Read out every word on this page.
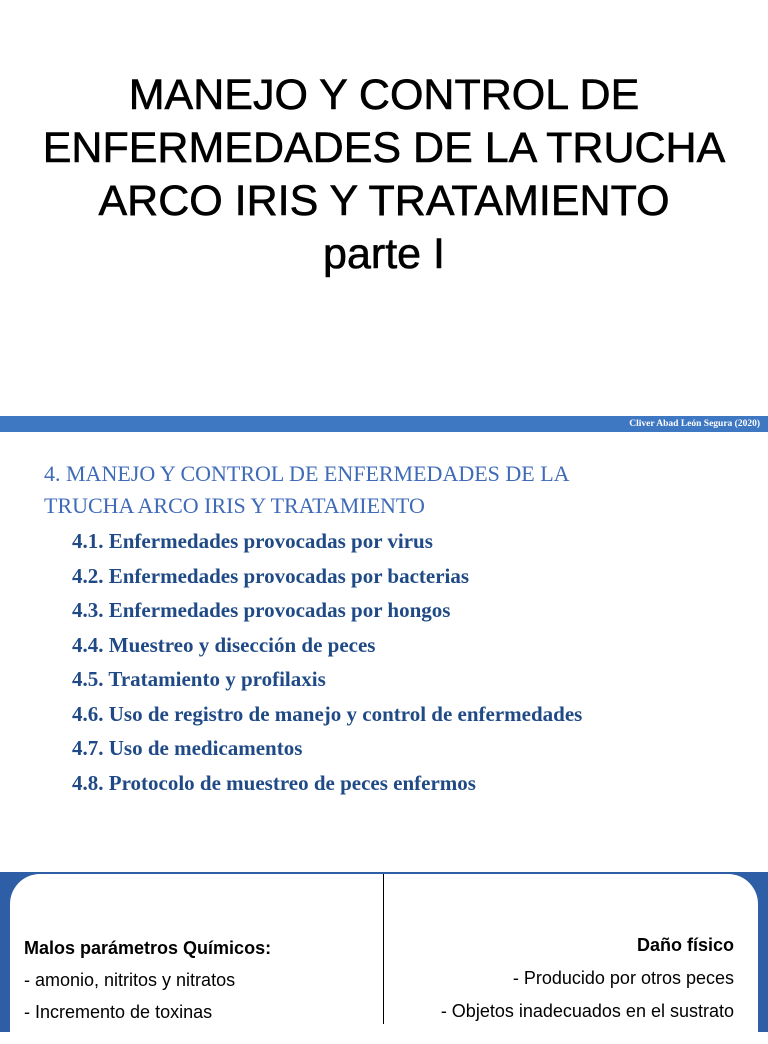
MANEJO Y CONTROL DE
ENFERMEDADES DE LA TRUCHA
ARCO IRIS Y TRATAMIENTO
parte I
Cliver Abad León Segura (2020)
4. MANEJO Y CONTROL DE ENFERMEDADES DE LA
TRUCHA ARCO IRIS Y TRATAMIENTO
4.1. Enfermedades provocadas por virus
4.2. Enfermedades provocadas por bacterias
4.3. Enfermedades provocadas por hongos
4.4. Muestreo y disección de peces
4.5. Tratamiento y profilaxis
4.6. Uso de registro de manejo y control de enfermedades
4.7. Uso de medicamentos
4.8. Protocolo de muestreo de peces enfermos
Malos parámetros Químicos:
- amonio, nitritos y nitratos
- Incremento de toxinas
Daño físico
- Producido por otros peces
- Objetos inadecuados en el sustrato
